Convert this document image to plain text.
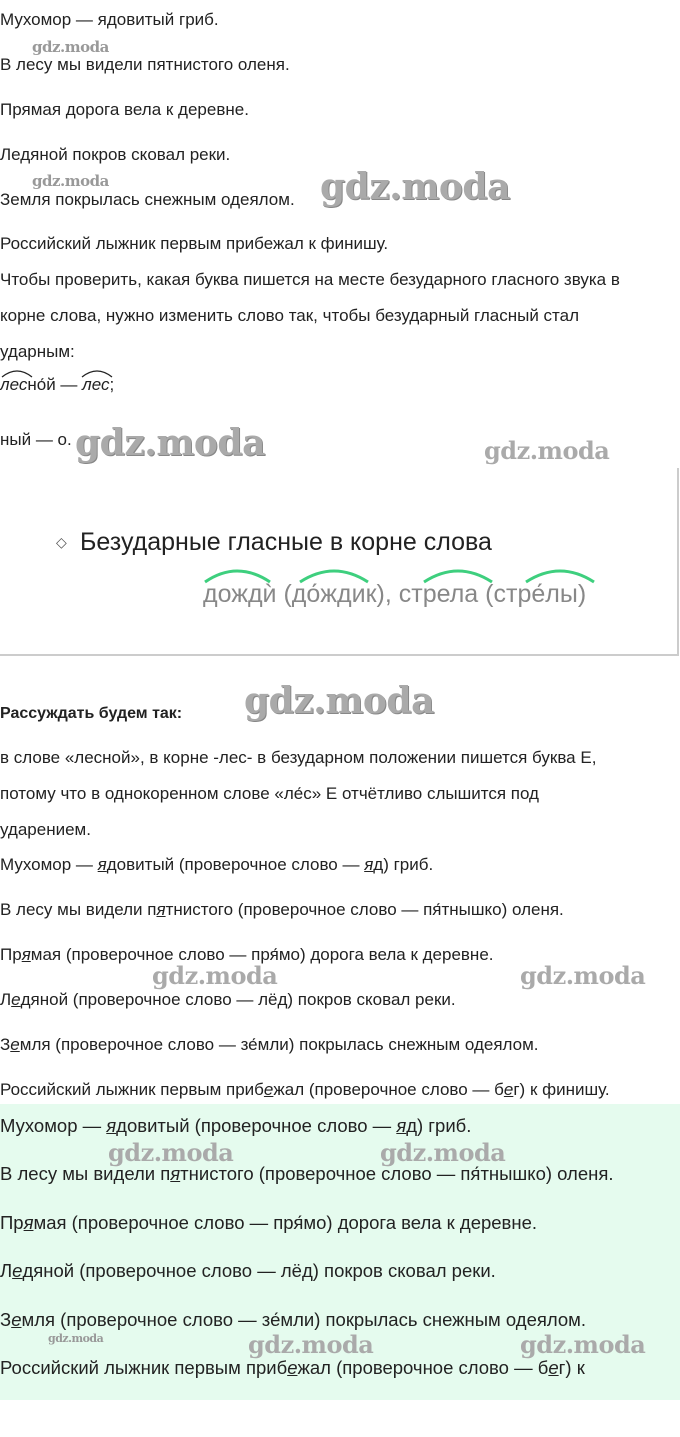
Мухомор — ядовитый гриб.
В лесу мы видели пятнистого оленя.
Прямая дорога вела к деревне.
Ледяной покров сковал реки.
Земля покрылась снежным одеялом.
Российский лыжник первым прибежал к финишу.
Чтобы проверить, какая буква пишется на месте безударного гласного звука в
корне слова, нужно изменить слово так, чтобы безударный гласный стал
ударным:
лесно́й —
лес;
ный — о.
◇ Безударные гласные в корне слова
дождѝ (дождик), стрела (стрелы)
Рассуждать будем так:
в слове «лесной», в корне -лес- в безударном положении пишется буква Е,
потому что в однокоренном слове «ле́с» Е отчётливо слышится под
ударением.
Мухомор — ядовитый (проверочное слово — яд) гриб.
В лесу мы видели пятнистого (проверочное слово — пя́тнышко) оленя.
Прямая (проверочное слово — пря́мо) дорога вела к деревне.
Ледяной (проверочное слово — лёд) покров сковал реки.
Земля (проверочное слово — зе́мли) покрылась снежным одеялом.
Российский лыжник первым прибежал (проверочное слово — бег) к финишу.
Мухомор — ядовитый (проверочное слово — яд) гриб.
В лесу мы видели пятнистого (проверочное слово — пя́тнышко) оленя.
Прямая (проверочное слово — пря́мо) дорога вела к деревне.
Ледяной (проверочное слово — лёд) покров сковал реки.
Земля (проверочное слово — зе́мли) покрылась снежным одеялом.
Российский лыжник первым прибежал (проверочное слово — бег) к
gdz.moda
gdz.moda	gdz.moda
gdz.moda	gdz.moda
gdz.moda
gdz.moda	gdz.moda
gdz.moda	gdz.moda
gdz.moda	gdz.moda	gdz.moda
